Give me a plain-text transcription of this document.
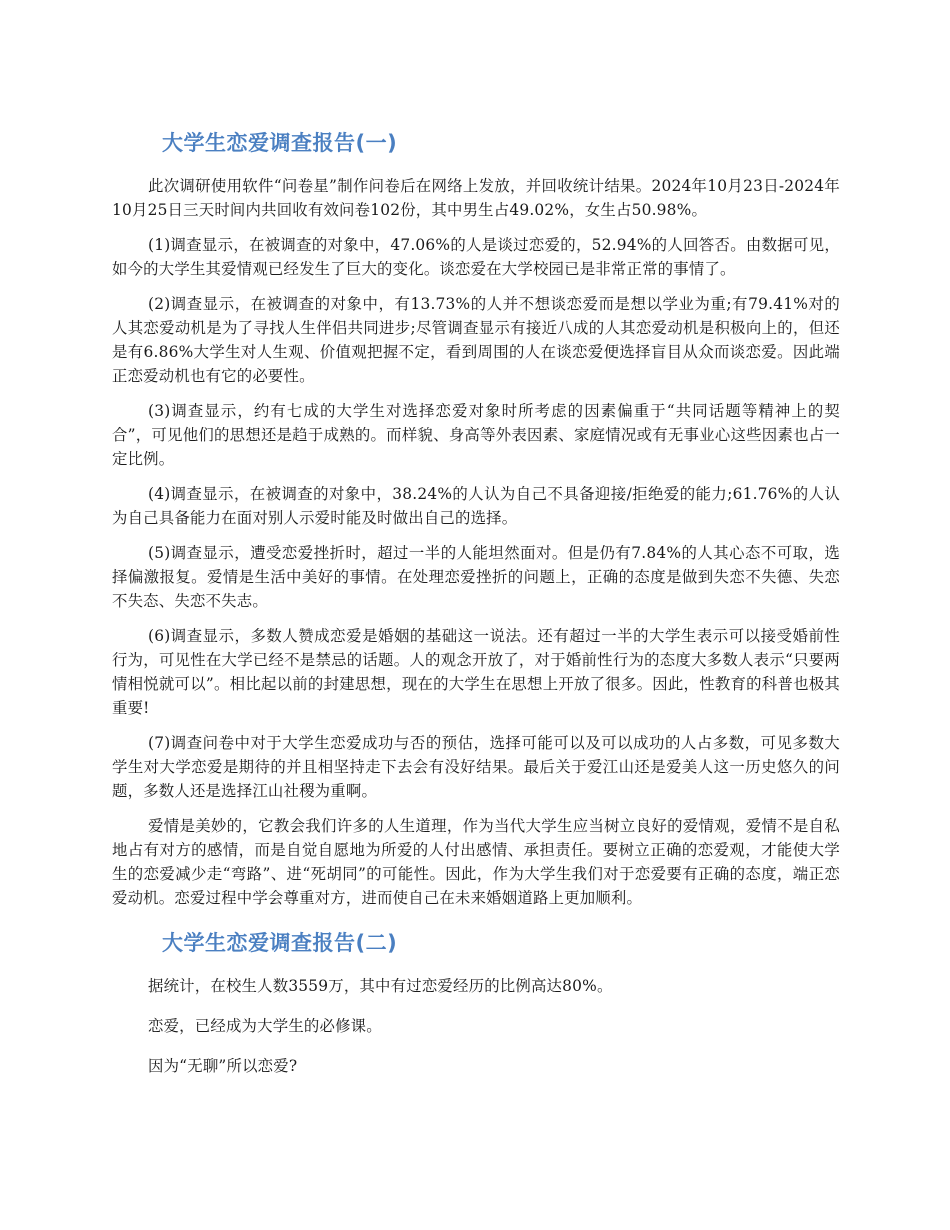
大学生恋爱调查报告(一)

此次调研使用软件“问卷星”制作问卷后在网络上发放，并回收统计结果。2024年10月23日-2024年10月25日三天时间内共回收有效问卷102份，其中男生占49.02%，女生占50.98%。

(1)调查显示，在被调查的对象中，47.06%的人是谈过恋爱的，52.94%的人回答否。由数据可见，如今的大学生其爱情观已经发生了巨大的变化。谈恋爱在大学校园已是非常正常的事情了。

(2)调查显示，在被调查的对象中，有13.73%的人并不想谈恋爱而是想以学业为重;有79.41%对的人其恋爱动机是为了寻找人生伴侣共同进步;尽管调查显示有接近八成的人其恋爱动机是积极向上的，但还是有6.86%大学生对人生观、价值观把握不定，看到周围的人在谈恋爱便选择盲目从众而谈恋爱。因此端正恋爱动机也有它的必要性。

(3)调查显示，约有七成的大学生对选择恋爱对象时所考虑的因素偏重于“共同话题等精神上的契合”，可见他们的思想还是趋于成熟的。而样貌、身高等外表因素、家庭情况或有无事业心这些因素也占一定比例。

(4)调查显示，在被调查的对象中，38.24%的人认为自己不具备迎接/拒绝爱的能力;61.76%的人认为自己具备能力在面对别人示爱时能及时做出自己的选择。

(5)调查显示，遭受恋爱挫折时，超过一半的人能坦然面对。但是仍有7.84%的人其心态不可取，选择偏激报复。爱情是生活中美好的事情。在处理恋爱挫折的问题上，正确的态度是做到失恋不失德、失恋不失态、失恋不失志。

(6)调查显示，多数人赞成恋爱是婚姻的基础这一说法。还有超过一半的大学生表示可以接受婚前性行为，可见性在大学已经不是禁忌的话题。人的观念开放了，对于婚前性行为的态度大多数人表示“只要两情相悦就可以”。相比起以前的封建思想，现在的大学生在思想上开放了很多。因此，性教育的科普也极其重要!

(7)调查问卷中对于大学生恋爱成功与否的预估，选择可能可以及可以成功的人占多数，可见多数大学生对大学恋爱是期待的并且相坚持走下去会有没好结果。最后关于爱江山还是爱美人这一历史悠久的问题，多数人还是选择江山社稷为重啊。

爱情是美妙的，它教会我们许多的人生道理，作为当代大学生应当树立良好的爱情观，爱情不是自私地占有对方的感情，而是自觉自愿地为所爱的人付出感情、承担责任。要树立正确的恋爱观，才能使大学生的恋爱减少走“弯路”、进“死胡同”的可能性。因此，作为大学生我们对于恋爱要有正确的态度，端正恋爱动机。恋爱过程中学会尊重对方，进而使自己在未来婚姻道路上更加顺利。

大学生恋爱调查报告(二)

据统计，在校生人数3559万，其中有过恋爱经历的比例高达80%。

恋爱，已经成为大学生的必修课。

因为“无聊”所以恋爱?
